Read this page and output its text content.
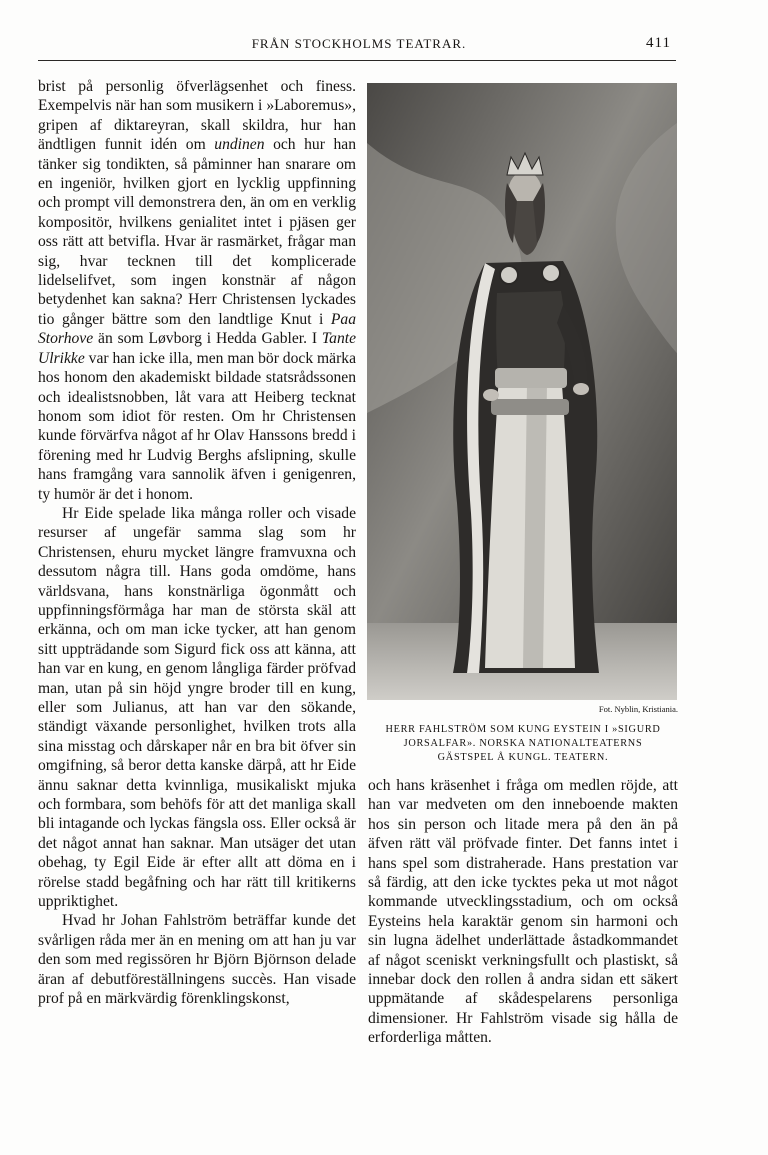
FRÅN STOCKHOLMS TEATRAR.	411

brist på personlig öfverlägsenhet och finess. Exempelvis när han som musikern i »Laboremus», gripen af diktareyran, skall skildra, hur han ändtligen funnit idén om undinen och hur han tänker sig tondikten, så påminner han snarare om en ingeniör, hvilken gjort en lycklig uppfinning och prompt vill demonstrera den, än om en verklig kompositör, hvilkens genialitet intet i pjäsen ger oss rätt att betvifla. Hvar är rasmärket, frågar man sig, hvar tecknen till det komplicerade lidelselifvet, som ingen konstnär af någon betydenhet kan sakna? Herr Christensen lyckades tio gånger bättre som den landtlige Knut i Paa Storhove än som Løvborg i Hedda Gabler. I Tante Ulrikke var han icke illa, men man bör dock märka hos honom den akademiskt bildade statsrådssonen och idealistsnobben, låt vara att Heiberg tecknat honom som idiot för resten. Om hr Christensen kunde förvärfva något af hr Olav Hanssons bredd i förening med hr Ludvig Berghs afslipning, skulle hans framgång vara sannolik äfven i genigenren, ty humör är det i honom.

Hr Eide spelade lika många roller och visade resurser af ungefär samma slag som hr Christensen, ehuru mycket längre framvuxna och dessutom några till. Hans goda omdöme, hans världsvana, hans konstnärliga ögonmått och uppfinningsförmåga har man de största skäl att erkänna, och om man icke tycker, att han genom sitt uppträdande som Sigurd fick oss att känna, att han var en kung, en genom långliga färder pröfvad man, utan på sin höjd yngre broder till en kung, eller som Julianus, att han var den sökande, ständigt växande personlighet, hvilken trots alla sina misstag och dårskaper når en bra bit öfver sin omgifning, så beror detta kanske därpå, att hr Eide ännu saknar detta kvinnliga, musikaliskt mjuka och formbara, som behöfs för att det manliga skall bli intagande och lyckas fängsla oss. Eller också är det något annat han saknar. Man utsäger det utan obehag, ty Egil Eide är efter allt att döma en i rörelse stadd begåfning och har rätt till kritikerns uppriktighet.

Hvad hr Johan Fahlström beträffar kunde det svårligen råda mer än en mening om att han ju var den som med regissören hr Björn Björnson delade äran af debutföreställningens succès. Han visade prof på en märkvärdig förenklingskonst,

Fot. Nyblin, Kristiania.
HERR FAHLSTRÖM SOM KUNG EYSTEIN I »SIGURD
JORSALFAR». NORSKA NATIONALTEATERNS
GÄSTSPEL Å KUNGL. TEATERN.

och hans kräsenhet i fråga om medlen röjde, att han var medveten om den inneboende makten hos sin person och litade mera på den än på äfven rätt väl pröfvade finter. Det fanns intet i hans spel som distraherade. Hans prestation var så färdig, att den icke tycktes peka ut mot något kommande utvecklingsstadium, och om också Eysteins hela karaktär genom sin harmoni och sin lugna ädelhet underlättade åstadkommandet af något sceniskt verkningsfullt och plastiskt, så innebar dock den rollen å andra sidan ett säkert uppmätande af skådespelarens personliga dimensioner. Hr Fahlström visade sig hålla de erforderliga måtten.
